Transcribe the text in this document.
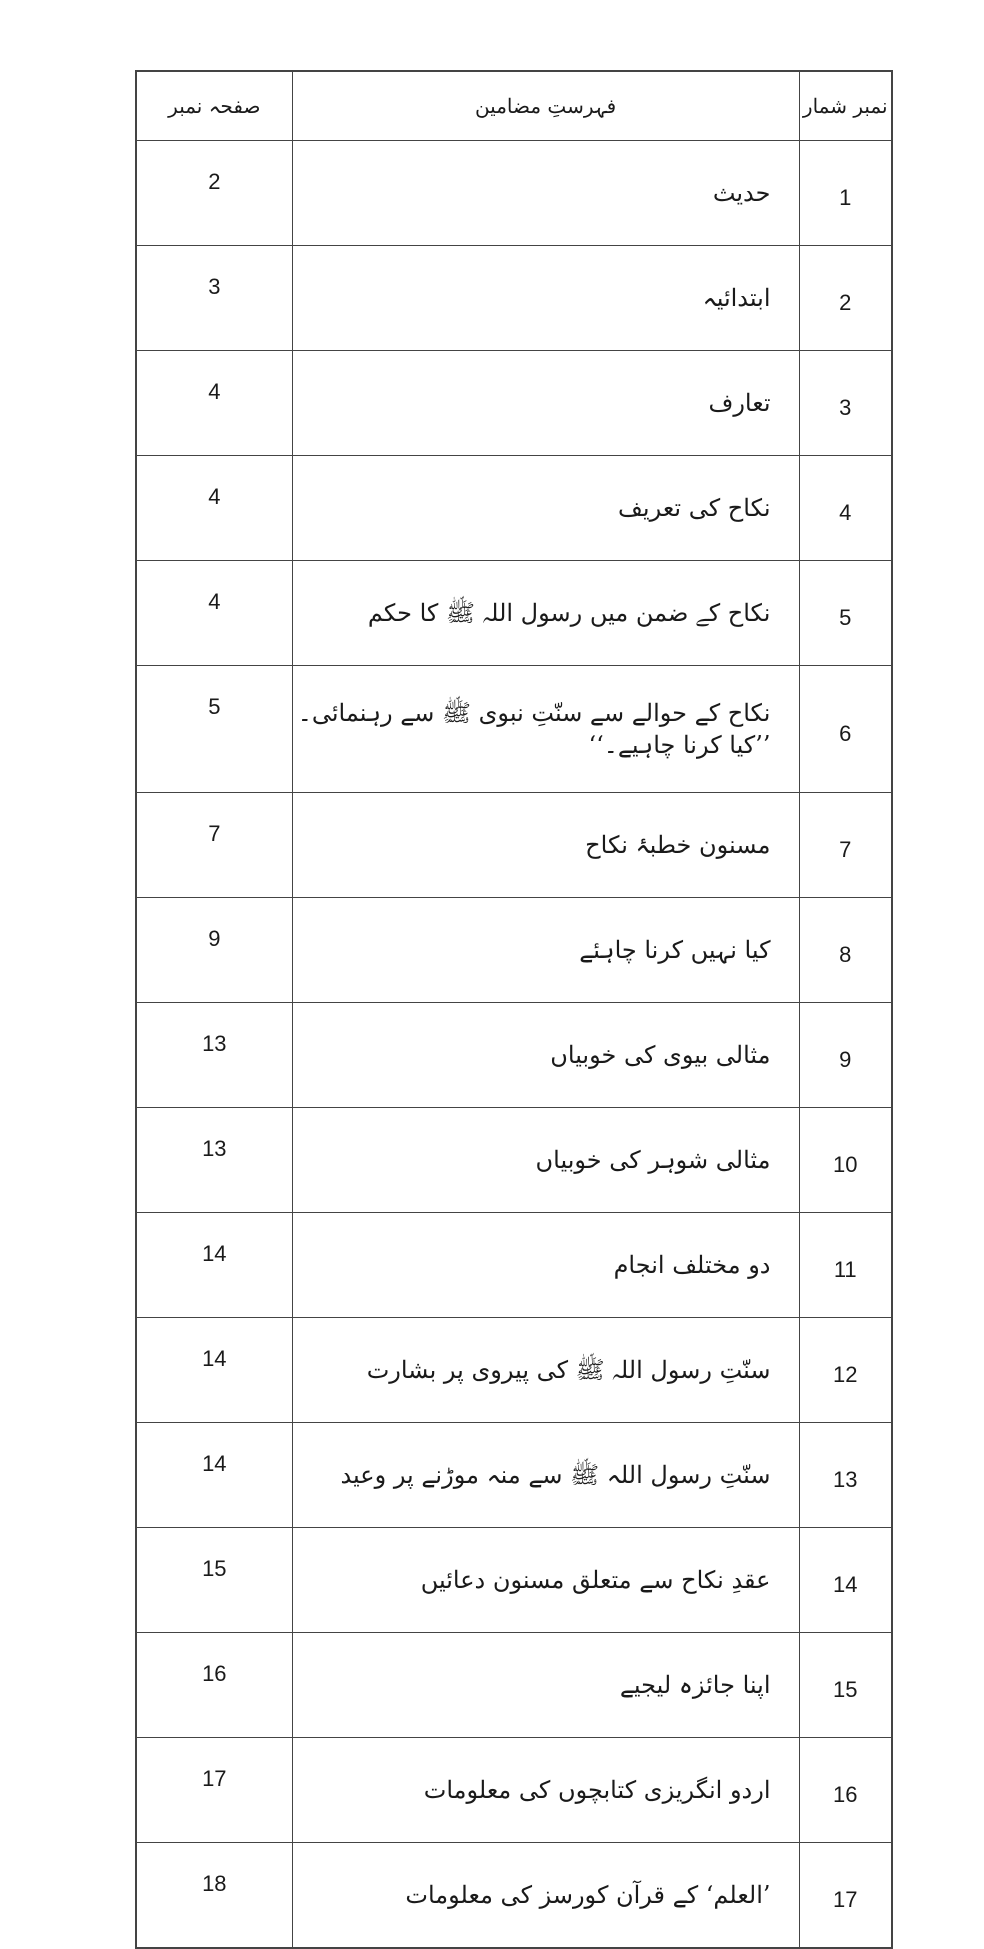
نمبر شمار	فہرستِ مضامین	صفحہ نمبر
1	حدیث	2
2	ابتدائیہ	3
3	تعارف	4
4	نکاح کی تعریف	4
5	نکاح کے ضمن میں رسول اللہ ﷺ کا حکم	4
6	نکاح کے حوالے سے سنّتِ نبوی ﷺ سے رہنمائی۔ ’’کیا کرنا چاہیے۔‘‘	5
7	مسنون خطبۂ نکاح	7
8	کیا نہیں کرنا چاہئے	9
9	مثالی بیوی کی خوبیاں	13
10	مثالی شوہر کی خوبیاں	13
11	دو مختلف انجام	14
12	سنّتِ رسول اللہ ﷺ کی پیروی پر بشارت	14
13	سنّتِ رسول اللہ ﷺ سے منہ موڑنے پر وعید	14
14	عقدِ نکاح سے متعلق مسنون دعائیں	15
15	اپنا جائزہ لیجیے	16
16	اردو انگریزی کتابچوں کی معلومات	17
17	’العلم‘ کے قرآن کورسز کی معلومات	18
